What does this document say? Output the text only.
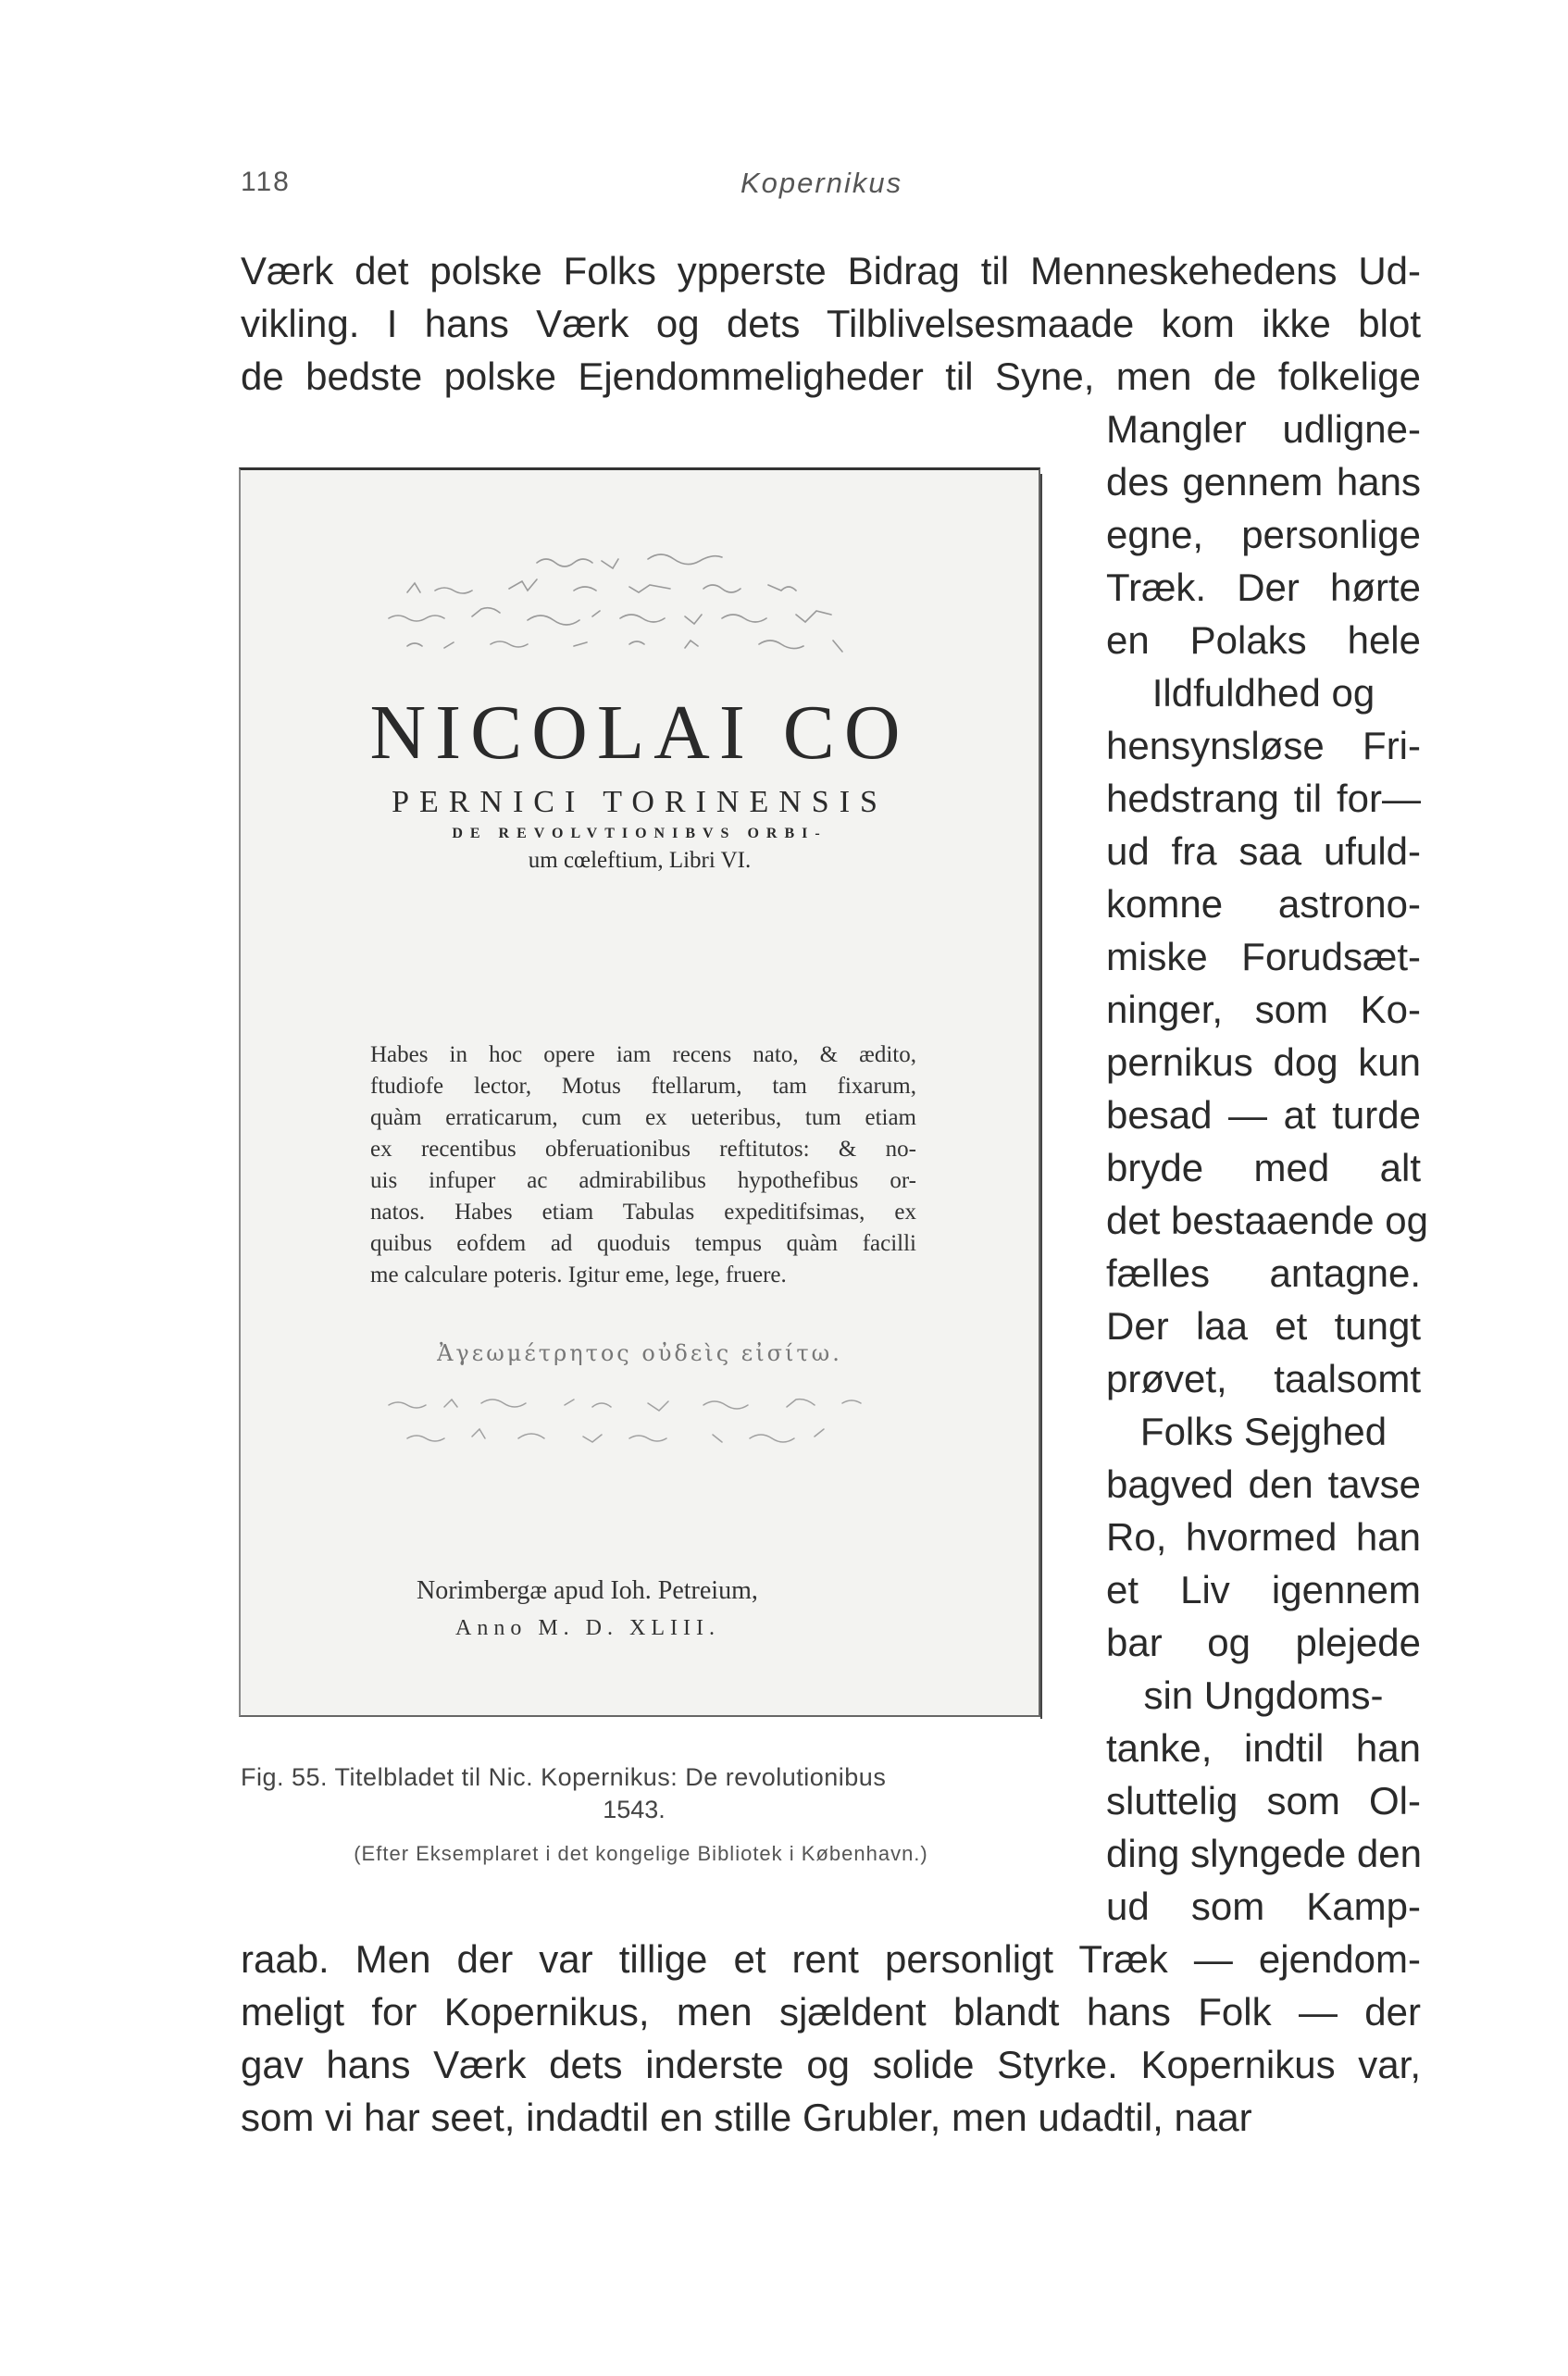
118	Kopernikus
Værk det polske Folks ypperste Bidrag til Menneskehedens Ud-
vikling. I hans Værk og dets Tilblivelsesmaade kom ikke blot
de bedste polske Ejendommeligheder til Syne, men de folkelige
Mangler udligne-
des gennem hans
egne, personlige
Træk. Der hørte
en Polaks hele
Ildfuldhed og
hensynsløse Fri-
hedstrang til for—
ud fra saa ufuld-
komne astrono-
miske Forudsæt-
ninger, som Ko-
pernikus dog kun
besad — at turde
bryde med alt
det bestaaende og
fælles antagne.
Der laa et tungt
prøvet, taalsomt
Folks Sejghed
bagved den tavse
Ro, hvormed han
et Liv igennem
bar og plejede
sin Ungdoms-
tanke, indtil han
sluttelig som Ol-
ding slyngede den
ud som Kamp-
raab. Men der var tillige et rent personligt Træk — ejendom-
meligt for Kopernikus, men sjældent blandt hans Folk — der
gav hans Værk dets inderste og solide Styrke. Kopernikus var,
som vi har seet, indadtil en stille Grubler, men udadtil, naar
NICOLAI CO
PERNICI TORINENSIS
DE REVOLVTIONIBVS ORBI-
um cœleftium, Libri VI.
Habes in hoc opere iam recens nato, & ædito,
ftudiofe lector, Motus ftellarum, tam fixarum,
quàm erraticarum, cum ex ueteribus, tum etiam
ex recentibus obferuationibus reftitutos: & no-
uis infuper ac admirabilibus hypothefibus or-
natos. Habes etiam Tabulas expeditifsimas, ex
quibus eofdem ad quoduis tempus quàm facilli
me calculare poteris. Igitur eme, lege, fruere.
Ἀγεωμέτρητος οὐδεὶς εἰσίτω.
Norimbergæ apud Ioh. Petreium,
Anno M. D. XLIII.
Fig. 55. Titelbladet til Nic. Kopernikus: De revolutionibus
1543.
(Efter Eksemplaret i det kongelige Bibliotek i København.)
